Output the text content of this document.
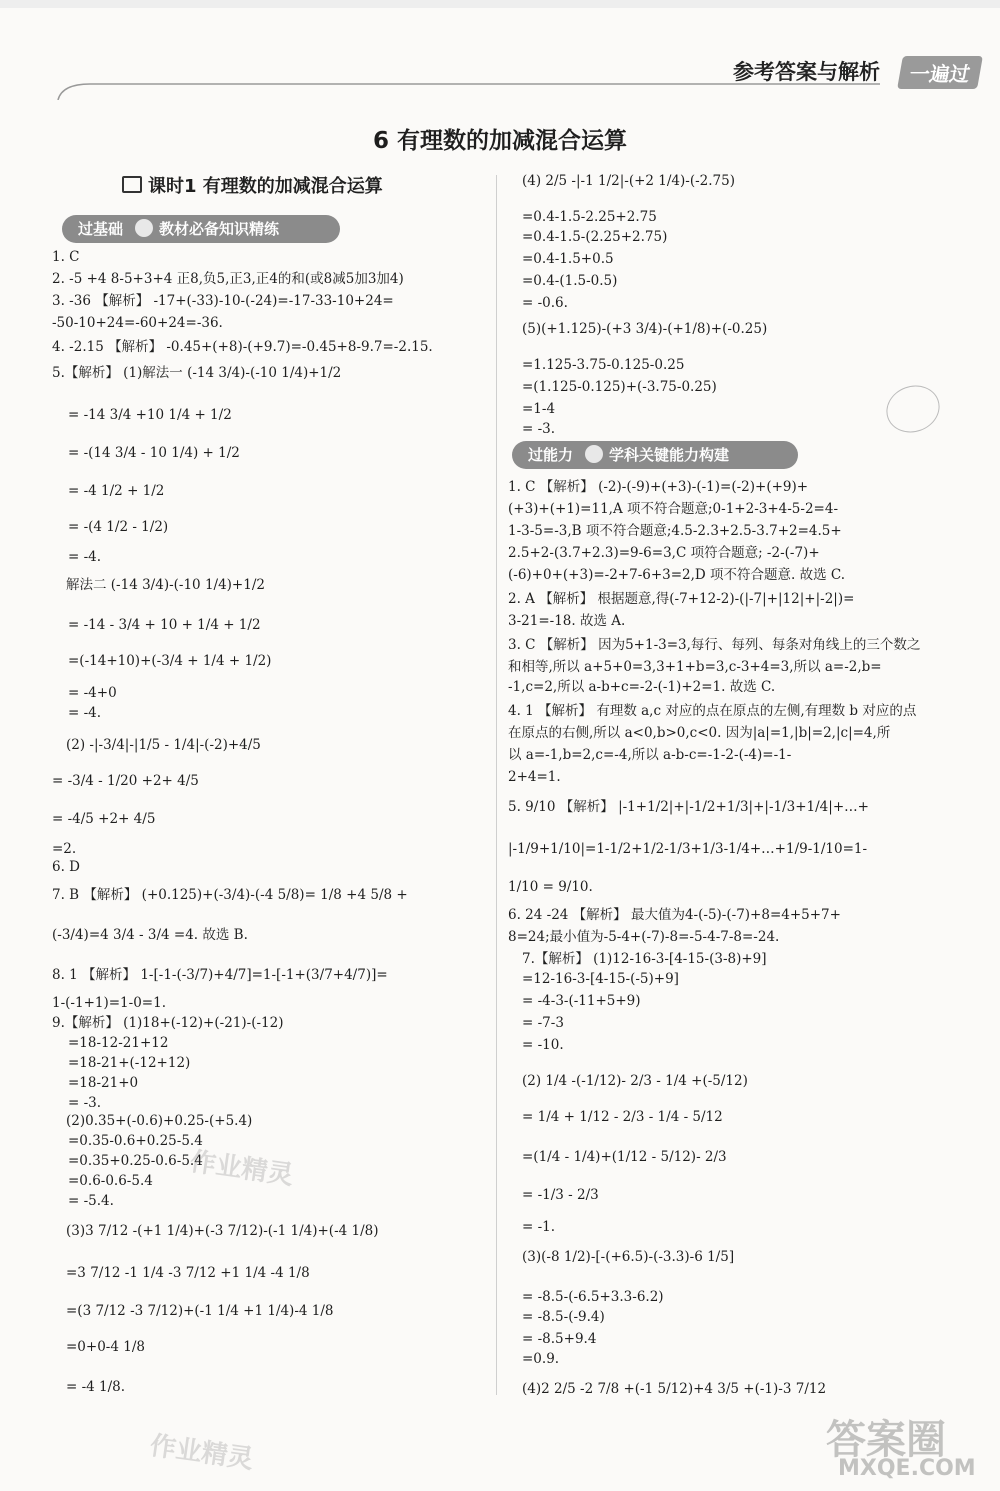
参考答案与解析	一遍过
6 有理数的加减混合运算
课时1 有理数的加减混合运算
过基础 教材必备知识精练
过能力 学科关键能力构建
1. C
2. -5 +4 8-5+3+4 正8,负5,正3,正4的和(或8减5加3加4)
3. -36 【解析】 -17+(-33)-10-(-24)=-17-33-10+24=
-50-10+24=-60+24=-36.
4. -2.15 【解析】 -0.45+(+8)-(+9.7)=-0.45+8-9.7=-2.15.
5.【解析】 (1)解法一 (-14 3/4)-(-10 1/4)+1/2
= -14 3/4 +10 1/4 + 1/2
= -(14 3/4 - 10 1/4) + 1/2
= -4 1/2 + 1/2
= -(4 1/2 - 1/2)
= -4.
解法二 (-14 3/4)-(-10 1/4)+1/2
= -14 - 3/4 + 10 + 1/4 + 1/2
=(-14+10)+(-3/4 + 1/4 + 1/2)
= -4+0
= -4.
(2) -|-3/4|-|1/5 - 1/4|-(-2)+4/5
= -3/4 - 1/20 +2+ 4/5
= -4/5 +2+ 4/5
=2.
6. D
7. B 【解析】 (+0.125)+(-3/4)-(-4 5/8)= 1/8 +4 5/8 +
(-3/4)=4 3/4 - 3/4 =4. 故选 B.
8. 1 【解析】 1-[-1-(-3/7)+4/7]=1-[-1+(3/7+4/7)]=
1-(-1+1)=1-0=1.
9.【解析】 (1)18+(-12)+(-21)-(-12)
=18-12-21+12
=18-21+(-12+12)
=18-21+0
= -3.
(2)0.35+(-0.6)+0.25-(+5.4)
=0.35-0.6+0.25-5.4
=0.35+0.25-0.6-5.4
=0.6-0.6-5.4
= -5.4.
(3)3 7/12 -(+1 1/4)+(-3 7/12)-(-1 1/4)+(-4 1/8)
=3 7/12 -1 1/4 -3 7/12 +1 1/4 -4 1/8
=(3 7/12 -3 7/12)+(-1 1/4 +1 1/4)-4 1/8
=0+0-4 1/8
= -4 1/8.
(4) 2/5 -|-1 1/2|-(+2 1/4)-(-2.75)
=0.4-1.5-2.25+2.75
=0.4-1.5-(2.25+2.75)
=0.4-1.5+0.5
=0.4-(1.5-0.5)
= -0.6.
(5)(+1.125)-(+3 3/4)-(+1/8)+(-0.25)
=1.125-3.75-0.125-0.25
=(1.125-0.125)+(-3.75-0.25)
=1-4
= -3.
1. C 【解析】 (-2)-(-9)+(+3)-(-1)=(-2)+(+9)+
(+3)+(+1)=11,A 项不符合题意;0-1+2-3+4-5-2=4-
1-3-5=-3,B 项不符合题意;4.5-2.3+2.5-3.7+2=4.5+
2.5+2-(3.7+2.3)=9-6=3,C 项符合题意; -2-(-7)+
(-6)+0+(+3)=-2+7-6+3=2,D 项不符合题意. 故选 C.
2. A 【解析】 根据题意,得(-7+12-2)-(|-7|+|12|+|-2|)=
3-21=-18. 故选 A.
3. C 【解析】 因为5+1-3=3,每行、每列、每条对角线上的三个数之
和相等,所以 a+5+0=3,3+1+b=3,c-3+4=3,所以 a=-2,b=
-1,c=2,所以 a-b+c=-2-(-1)+2=1. 故选 C.
4. 1 【解析】 有理数 a,c 对应的点在原点的左侧,有理数 b 对应的点
在原点的右侧,所以 a<0,b>0,c<0. 因为|a|=1,|b|=2,|c|=4,所
以 a=-1,b=2,c=-4,所以 a-b-c=-1-2-(-4)=-1-
2+4=1.
5. 9/10 【解析】 |-1+1/2|+|-1/2+1/3|+|-1/3+1/4|+…+
|-1/9+1/10|=1-1/2+1/2-1/3+1/3-1/4+…+1/9-1/10=1-
1/10 = 9/10.
6. 24 -24 【解析】 最大值为4-(-5)-(-7)+8=4+5+7+
8=24;最小值为-5-4+(-7)-8=-5-4-7-8=-24.
7.【解析】 (1)12-16-3-[4-15-(3-8)+9]
=12-16-3-[4-15-(-5)+9]
= -4-3-(-11+5+9)
= -7-3
= -10.
(2) 1/4 -(-1/12)- 2/3 - 1/4 +(-5/12)
= 1/4 + 1/12 - 2/3 - 1/4 - 5/12
=(1/4 - 1/4)+(1/12 - 5/12)- 2/3
= -1/3 - 2/3
= -1.
(3)(-8 1/2)-[-(+6.5)-(-3.3)-6 1/5]
= -8.5-(-6.5+3.3-6.2)
= -8.5-(-9.4)
= -8.5+9.4
=0.9.
(4)2 2/5 -2 7/8 +(-1 5/12)+4 3/5 +(-1)-3 7/12
作业精灵
作业精灵	答案圈
MXQE.COM
